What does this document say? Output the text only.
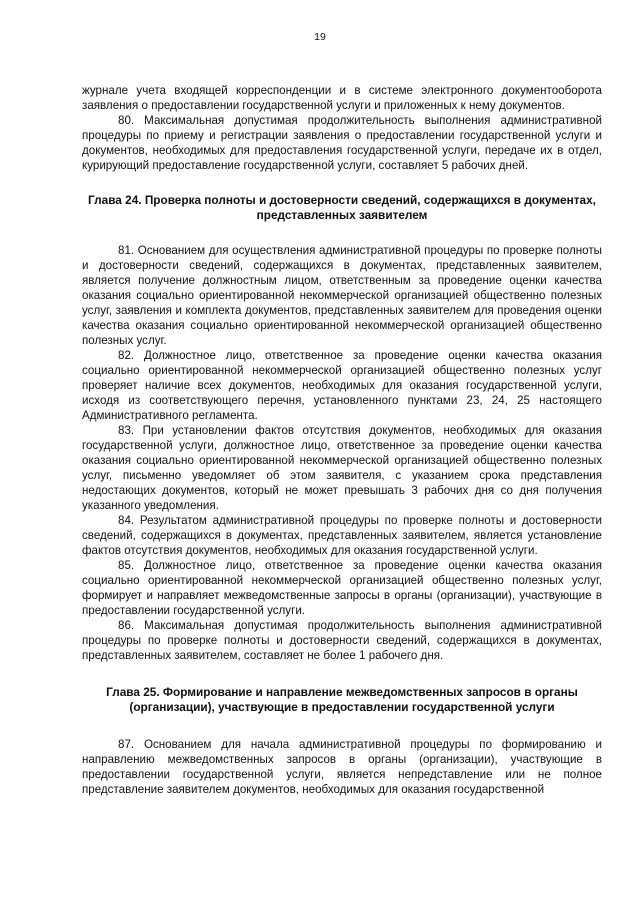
19

журнале учета входящей корреспонденции и в системе электронного документооборота заявления о предоставлении государственной услуги и приложенных к нему документов.

80. Максимальная допустимая продолжительность выполнения административной процедуры по приему и регистрации заявления о предоставлении государственной услуги и документов, необходимых для предоставления государственной услуги, передаче их в отдел, курирующий предоставление государственной услуги, составляет 5 рабочих дней.

Глава 24. Проверка полноты и достоверности сведений, содержащихся в документах, представленных заявителем

81. Основанием для осуществления административной процедуры по проверке полноты и достоверности сведений, содержащихся в документах, представленных заявителем, является получение должностным лицом, ответственным за проведение оценки качества оказания социально ориентированной некоммерческой организацией общественно полезных услуг, заявления и комплекта документов, представленных заявителем для проведения оценки качества оказания социально ориентированной некоммерческой организацией общественно полезных услуг.

82. Должностное лицо, ответственное за проведение оценки качества оказания социально ориентированной некоммерческой организацией общественно полезных услуг проверяет наличие всех документов, необходимых для оказания государственной услуги, исходя из соответствующего перечня, установленного пунктами 23, 24, 25 настоящего Административного регламента.

83. При установлении фактов отсутствия документов, необходимых для оказания государственной услуги, должностное лицо, ответственное за проведение оценки качества оказания социально ориентированной некоммерческой организацией общественно полезных услуг, письменно уведомляет об этом заявителя, с указанием срока представления недостающих документов, который не может превышать 3 рабочих дня со дня получения указанного уведомления.

84. Результатом административной процедуры по проверке полноты и достоверности сведений, содержащихся в документах, представленных заявителем, является установление фактов отсутствия документов, необходимых для оказания государственной услуги.

85. Должностное лицо, ответственное за проведение оценки качества оказания социально ориентированной некоммерческой организацией общественно полезных услуг, формирует и направляет межведомственные запросы в органы (организации), участвующие в предоставлении государственной услуги.

86. Максимальная допустимая продолжительность выполнения административной процедуры по проверке полноты и достоверности сведений, содержащихся в документах, представленных заявителем, составляет не более 1 рабочего дня.

Глава 25. Формирование и направление межведомственных запросов в органы (организации), участвующие в предоставлении государственной услуги

87. Основанием для начала административной процедуры по формированию и направлению межведомственных запросов в органы (организации), участвующие в предоставлении государственной услуги, является непредставление или не полное представление заявителем документов, необходимых для оказания государственной
